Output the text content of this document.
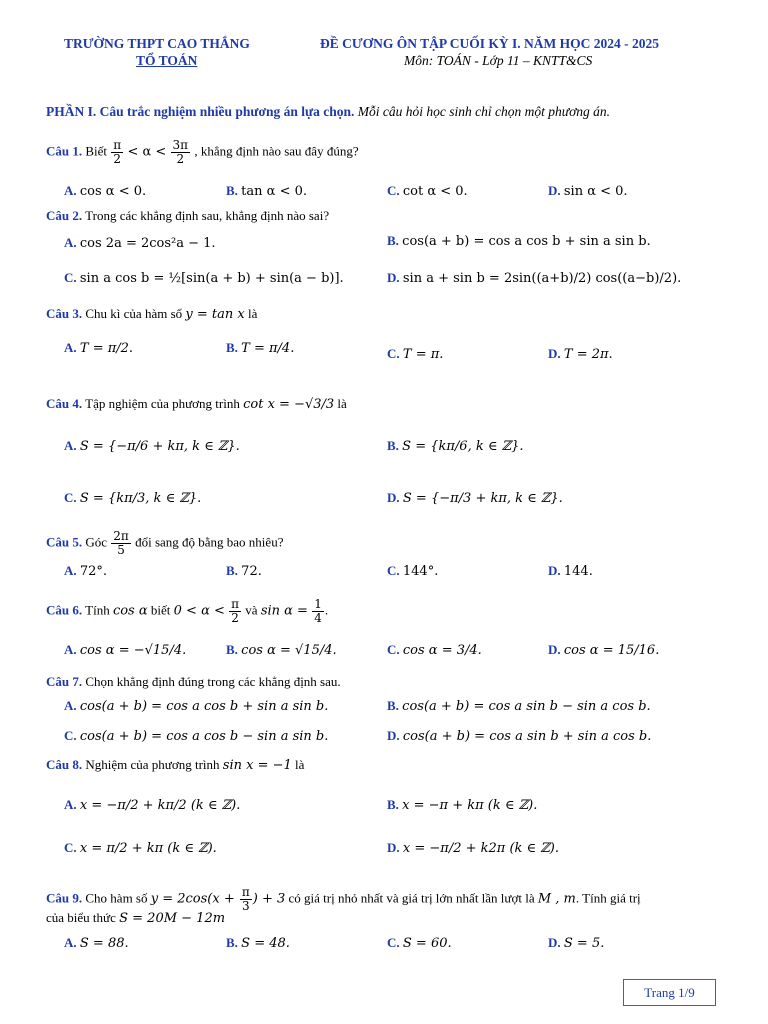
TRƯỜNG THPT CAO THẮNG
TỔ TOÁN
ĐỀ CƯƠNG ÔN TẬP CUỐI KỲ I. NĂM HỌC 2024 - 2025
Môn: TOÁN - Lớp 11 – KNTT&CS
PHẦN I. Câu trắc nghiệm nhiều phương án lựa chọn. Mỗi câu hỏi học sinh chỉ chọn một phương án.
Câu 1. Biết $\frac{\pi}{2} < \alpha < \frac{3\pi}{2}$ , khẳng định nào sau đây đúng?
A. cos α < 0.	B. tan α < 0.	C. cot α < 0.	D. sin α < 0.
Câu 2. Trong các khẳng định sau, khẳng định nào sai?
A. cos 2a = 2cos²a − 1.	B. cos(a + b) = cos a cos b + sin a sin b.
C. sin a cos b = ½[sin(a + b) + sin(a − b)].	D. sin a + sin b = 2sin((a+b)/2) cos((a−b)/2).
Câu 3. Chu kì của hàm số y = tan x là
A. T = π/2.	B. T = π/4.	C. T = π.	D. T = 2π.
Câu 4. Tập nghiệm của phương trình cot x = −√3/3 là
A. S = {−π/6 + kπ, k ∈ ℤ}.	B. S = {kπ/6, k ∈ ℤ}.
C. S = {kπ/3, k ∈ ℤ}.	D. S = {−π/3 + kπ, k ∈ ℤ}.
Câu 5. Góc $\frac{2\pi}{5}$ đổi sang độ bằng bao nhiêu?
A. 72°.	B. 72.	C. 144°.	D. 144.
Câu 6. Tính cos α biết $0 < \alpha < \frac{\pi}{2}$ và $\sin \alpha = \frac{1}{4}$ .
A. cos α = −√15/4.	B. cos α = √15/4.	C. cos α = 3/4.	D. cos α = 15/16.
Câu 7. Chọn khẳng định đúng trong các khẳng định sau.
A. cos(a + b) = cos a cos b + sin a sin b.	B. cos(a + b) = cos a sin b − sin a cos b.
C. cos(a + b) = cos a cos b − sin a sin b.	D. cos(a + b) = cos a sin b + sin a cos b.
Câu 8. Nghiệm của phương trình sin x = −1 là
A. x = −π/2 + kπ/2 (k ∈ ℤ).	B. x = −π + kπ (k ∈ ℤ).
C. x = π/2 + kπ (k ∈ ℤ).	D. x = −π/2 + k2π (k ∈ ℤ).
Câu 9. Cho hàm số $y = 2\cos(x + \frac{\pi}{3}$ ) + 3 có giá trị nhỏ nhất và giá trị lớn nhất lần lượt là M , m. Tính giá trị
của biểu thức S = 20M − 12m
A. S = 88.	B. S = 48.	C. S = 60.	D. S = 5.
Trang 1/9
